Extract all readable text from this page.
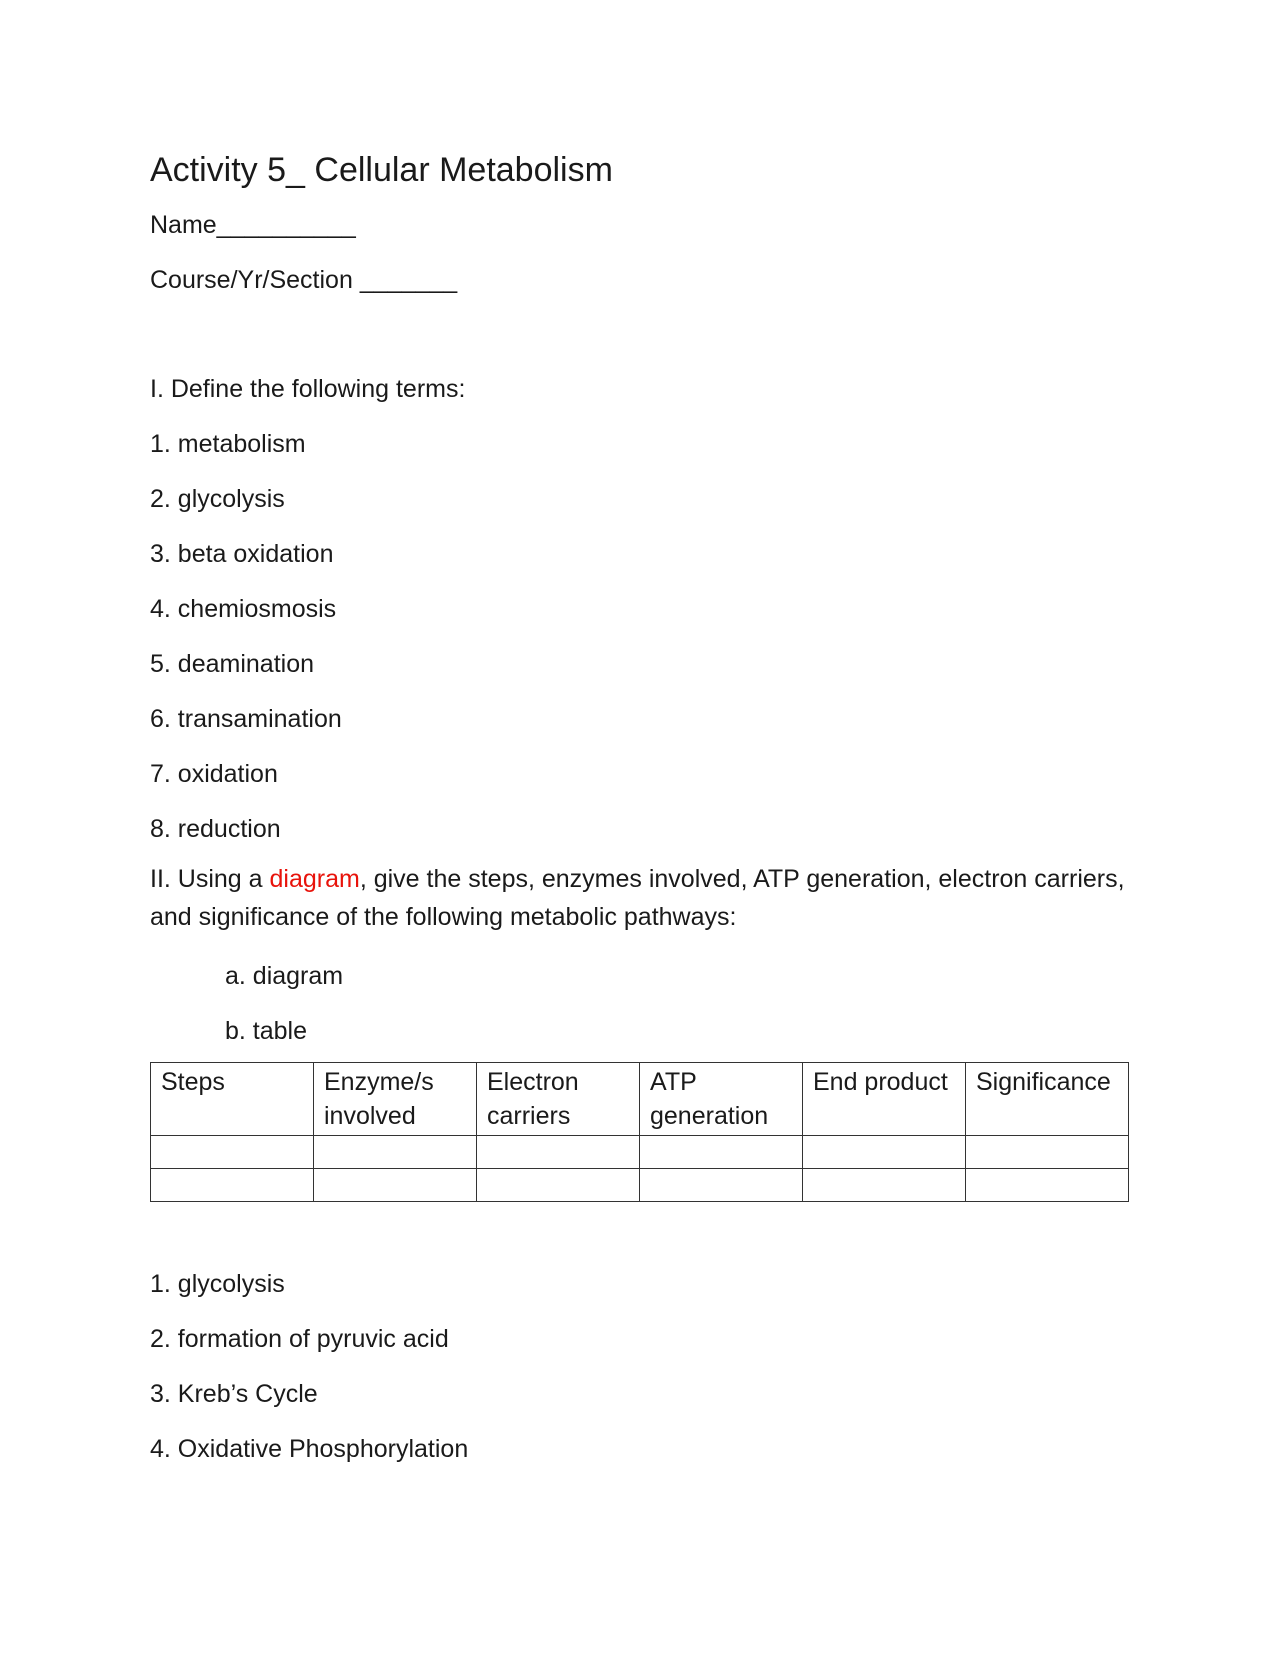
Activity 5_ Cellular Metabolism

Name__________

Course/Yr/Section _______

I. Define the following terms:

1. metabolism

2. glycolysis

3. beta oxidation

4. chemiosmosis

5. deamination

6. transamination

7. oxidation

8. reduction

II. Using a diagram, give the steps, enzymes involved, ATP generation, electron carriers, and significance of the following metabolic pathways:

a. diagram

b. table

Steps	Enzyme/s involved	Electron carriers	ATP generation	End product	Significance

1. glycolysis

2. formation of pyruvic acid

3. Kreb’s Cycle

4. Oxidative Phosphorylation
